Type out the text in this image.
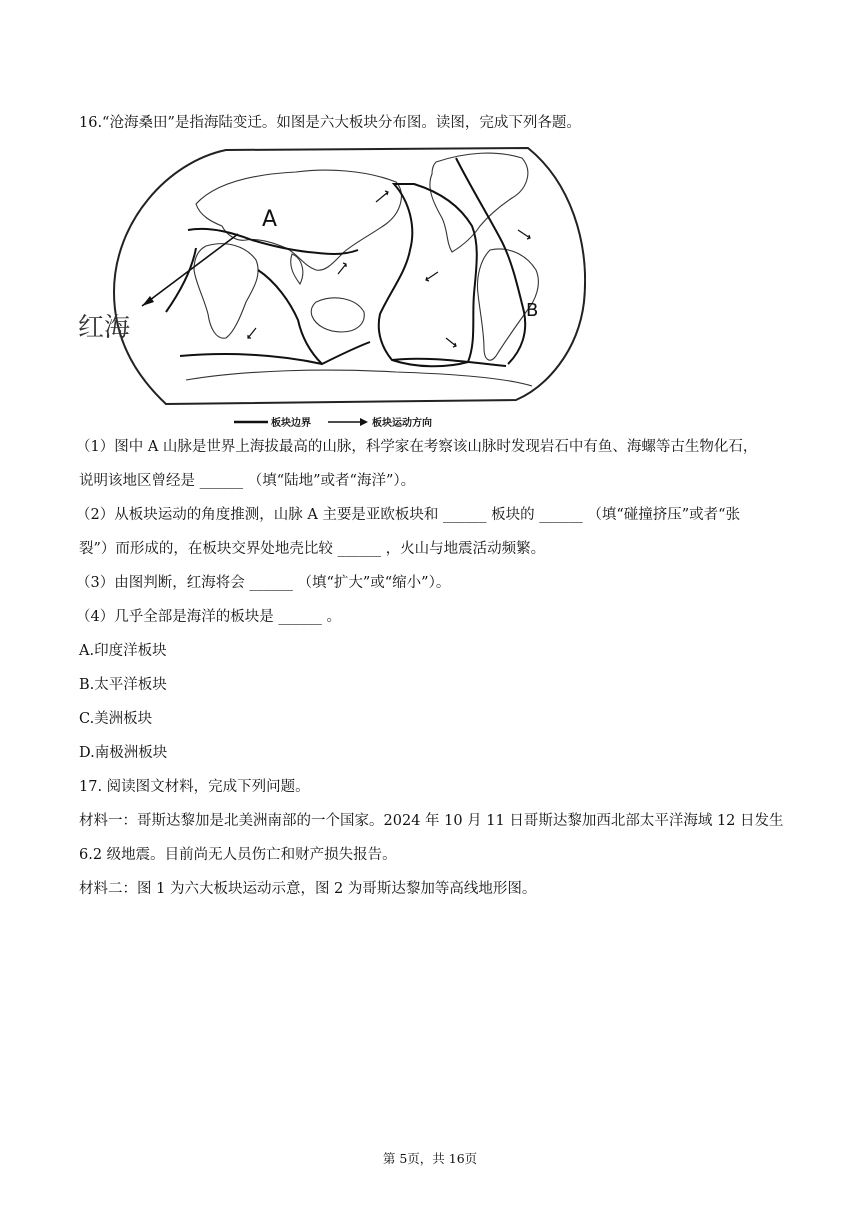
16.“沧海桑田”是指海陆变迁。如图是六大板块分布图。读图，完成下列各题。
A
B
红海
板块边界	板块运动方向
（1）图中 A 山脉是世界上海拔最高的山脉，科学家在考察该山脉时发现岩石中有鱼、海螺等古生物化石，
说明该地区曾经是 ______ （填“陆地”或者“海洋”）。
（2）从板块运动的角度推测，山脉 A 主要是亚欧板块和 ______ 板块的 ______ （填“碰撞挤压”或者“张
裂”）而形成的，在板块交界处地壳比较 ______ ，火山与地震活动频繁。
（3）由图判断，红海将会 ______ （填“扩大”或“缩小”）。
（4）几乎全部是海洋的板块是 ______ 。
A.印度洋板块
B.太平洋板块
C.美洲板块
D.南极洲板块
17. 阅读图文材料，完成下列问题。
材料一：哥斯达黎加是北美洲南部的一个国家。2024 年 10 月 11 日哥斯达黎加西北部太平洋海域 12 日发生
6.2 级地震。目前尚无人员伤亡和财产损失报告。
材料二：图 1 为六大板块运动示意，图 2 为哥斯达黎加等高线地形图。
第 5页，共 16页
